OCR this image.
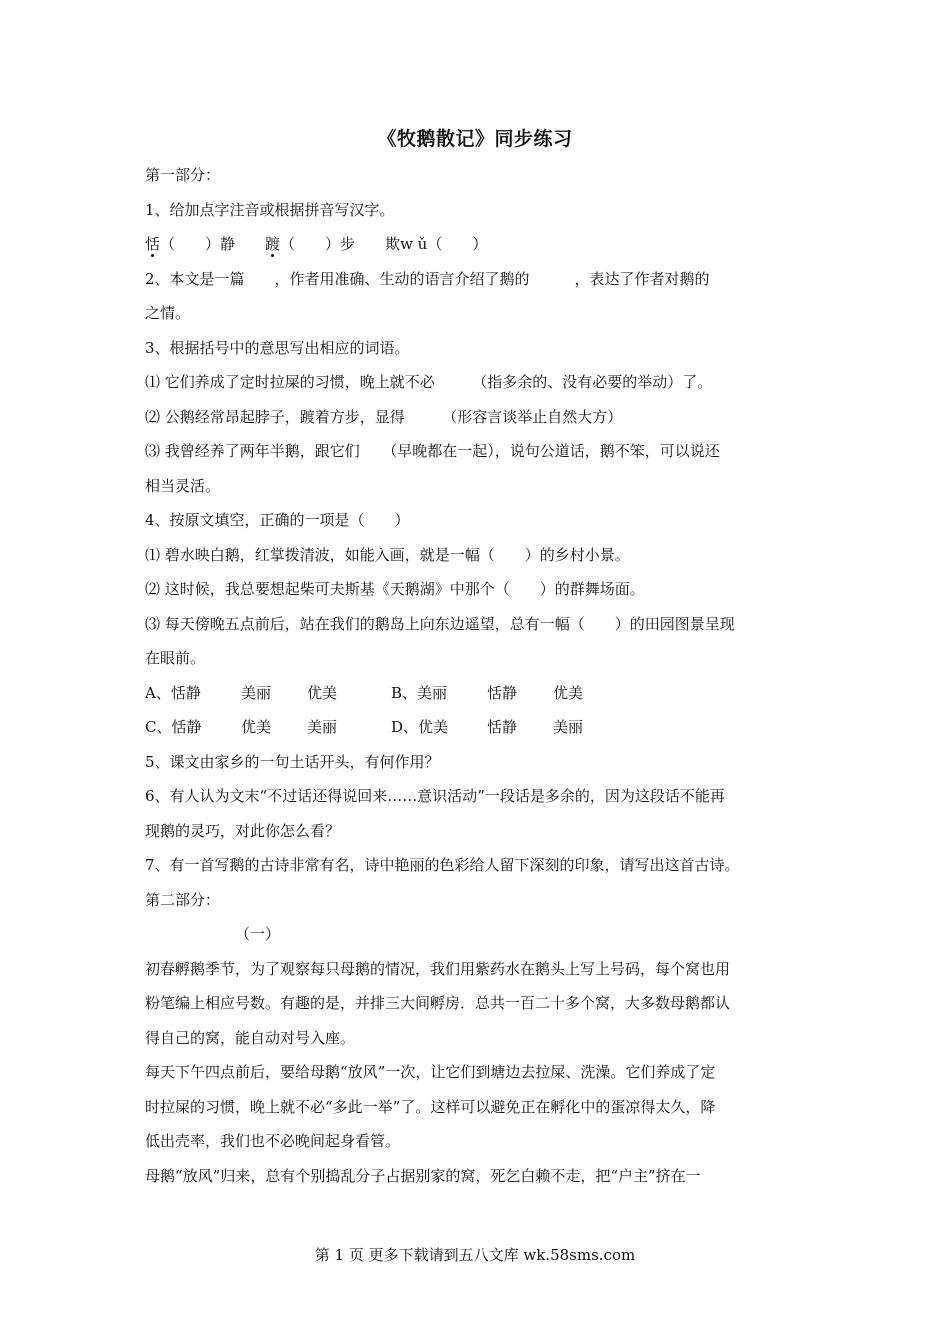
《牧鹅散记》同步练习
第一部分：
1、给加点字注音或根据拼音写汉字。
恬（　　）静 踱（　　）步 欺w ǔ（　　）
2、本文是一篇　　，作者用准确、生动的语言介绍了鹅的　　　，表达了作者对鹅的
之情。
3、根据括号中的意思写出相应的词语。
⑴ 它们养成了定时拉屎的习惯，晚上就不必　　　（指多余的、没有必要的举动）了。
⑵ 公鹅经常昂起脖子，踱着方步，显得　　　（形容言谈举止自然大方）
⑶ 我曾经养了两年半鹅，跟它们　　（早晚都在一起），说句公道话，鹅不笨，可以说还
相当灵活。
4、按原文填空，正确的一项是（　　）
⑴ 碧水映白鹅，红掌拨清波，如能入画，就是一幅（　　）的乡村小景。
⑵ 这时候，我总要想起柴可夫斯基《天鹅湖》中那个（　　）的群舞场面。
⑶ 每天傍晚五点前后，站在我们的鹅岛上向东边遥望，总有一幅（　　）的田园图景呈现
在眼前。
A、恬静	美丽 优美	B、美丽	恬静 优美
C、恬静	优美 美丽	D、优美	恬静 美丽
5、课文由家乡的一句土话开头，有何作用？
6、有人认为文末“不过话还得说回来……意识活动”一段话是多余的，因为这段话不能再
现鹅的灵巧，对此你怎么看？
7、有一首写鹅的古诗非常有名，诗中艳丽的色彩给人留下深刻的印象，请写出这首古诗。
第二部分：
（一）
初春孵鹅季节，为了观察每只母鹅的情况，我们用紫药水在鹅头上写上号码，每个窝也用
粉笔编上相应号数。有趣的是，并排三大间孵房．总共一百二十多个窝，大多数母鹅都认
得自己的窝，能自动对号入座。
每天下午四点前后，要给母鹅“放风”一次，让它们到塘边去拉屎、洗澡。它们养成了定
时拉屎的习惯，晚上就不必“多此一举”了。这样可以避免正在孵化中的蛋凉得太久，降
低出壳率，我们也不必晚间起身看管。
母鹅“放风”归来，总有个别捣乱分子占据别家的窝，死乞白赖不走，把“户主”挤在一
第 1 页 更多下载请到五八文库 wk.58sms.com
